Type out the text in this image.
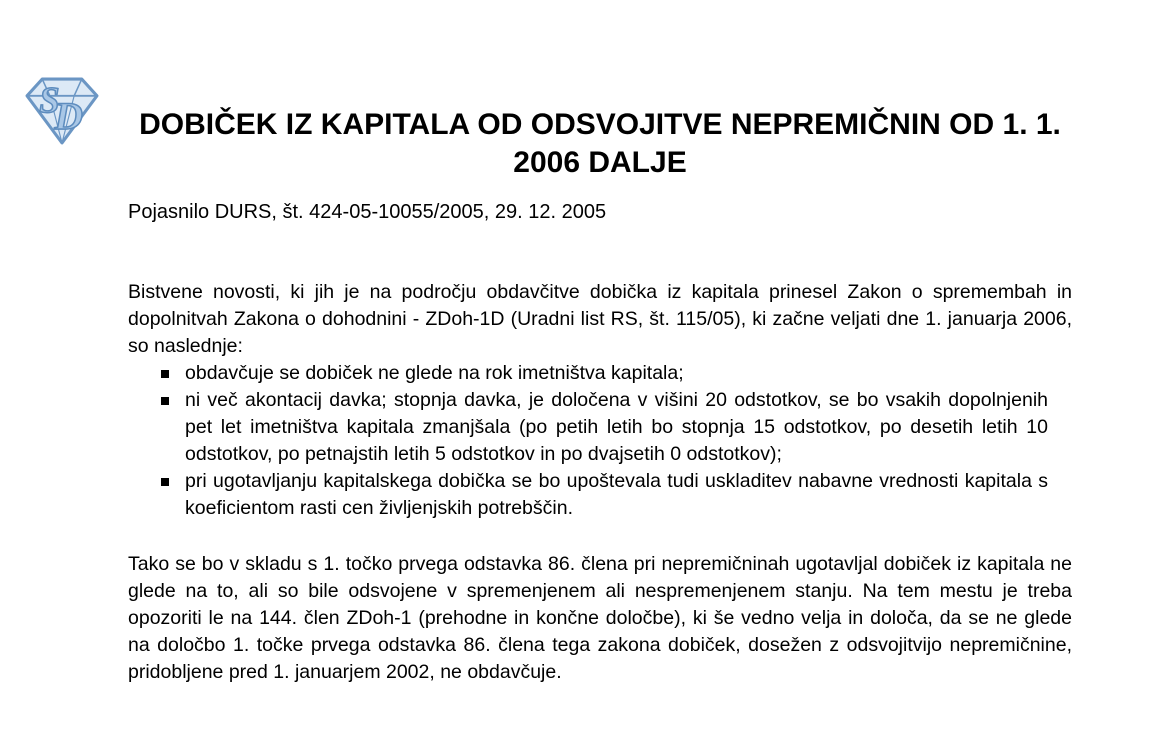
S
D	DOBIČEK IZ KAPITALA OD ODSVOJITVE NEPREMIČNIN OD 1. 1. 2006 DALJE

Pojasnilo DURS, št. 424-05-10055/2005, 29. 12. 2005

Bistvene novosti, ki jih je na področju obdavčitve dobička iz kapitala prinesel Zakon o spremembah in dopolnitvah Zakona o dohodnini - ZDoh-1D (Uradni list RS, št. 115/05), ki začne veljati dne 1. januarja 2006, so naslednje:

obdavčuje se dobiček ne glede na rok imetništva kapitala;
ni več akontacij davka; stopnja davka, je določena v višini 20 odstotkov, se bo vsakih dopolnjenih pet let imetništva kapitala zmanjšala (po petih letih bo stopnja 15 odstotkov, po desetih letih 10 odstotkov, po petnajstih letih 5 odstotkov in po dvajsetih 0 odstotkov);
pri ugotavljanju kapitalskega dobička se bo upoštevala tudi uskladitev nabavne vrednosti kapitala s koeficientom rasti cen življenjskih potrebščin.

Tako se bo v skladu s 1. točko prvega odstavka 86. člena pri nepremičninah ugotavljal dobiček iz kapitala ne glede na to, ali so bile odsvojene v spremenjenem ali nespremenjenem stanju. Na tem mestu je treba opozoriti le na 144. člen ZDoh-1 (prehodne in končne določbe), ki še vedno velja in določa, da se ne glede na določbo 1. točke prvega odstavka 86. člena tega zakona dobiček, dosežen z odsvojitvijo nepremičnine, pridobljene pred 1. januarjem 2002, ne obdavčuje.
